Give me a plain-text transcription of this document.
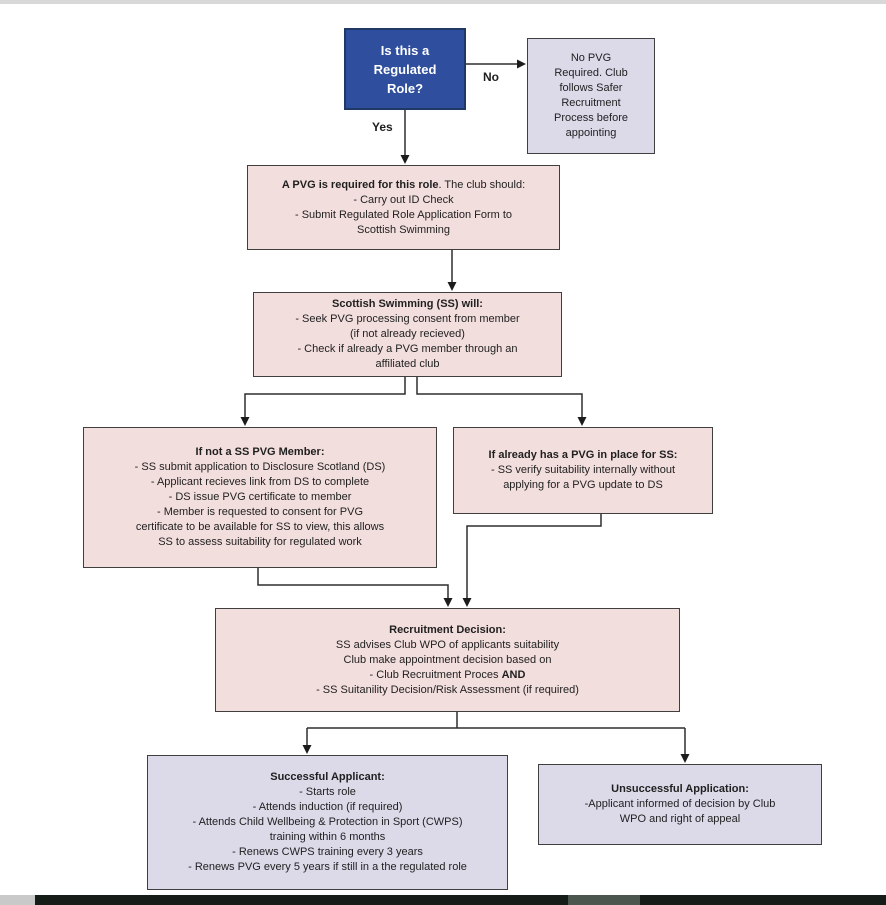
Is this a
Regulated
Role?
No PVG
Required. Club
follows Safer
Recruitment
Process before
appointing
A PVG is required for this role. The club should:
- Carry out ID Check
- Submit Regulated Role Application Form to
Scottish Swimming
Scottish Swimming (SS) will:
- Seek PVG processing consent from member
(if not already recieved)
- Check if already a PVG member through an
affiliated club
If not a SS PVG Member:
- SS submit application to Disclosure Scotland (DS)
- Applicant recieves link from DS to complete
- DS issue PVG certificate to member
- Member is requested to consent for PVG
certificate to be available for SS to view, this allows
SS to assess suitability for regulated work
If already has a PVG in place for SS:
- SS verify suitability internally without
applying for a PVG update to DS
Recruitment Decision:
SS advises Club WPO of applicants suitability
Club make appointment decision based on
- Club Recruitment Proces AND
- SS Suitanility Decision/Risk Assessment (if required)
Successful Applicant:
- Starts role
- Attends induction (if required)
- Attends Child Wellbeing & Protection in Sport (CWPS)
training within 6 months
- Renews CWPS training every 3 years
- Renews PVG every 5 years if still in a the regulated role
Unsuccessful Application:
-Applicant informed of decision by Club
WPO and right of appeal
Yes
No
